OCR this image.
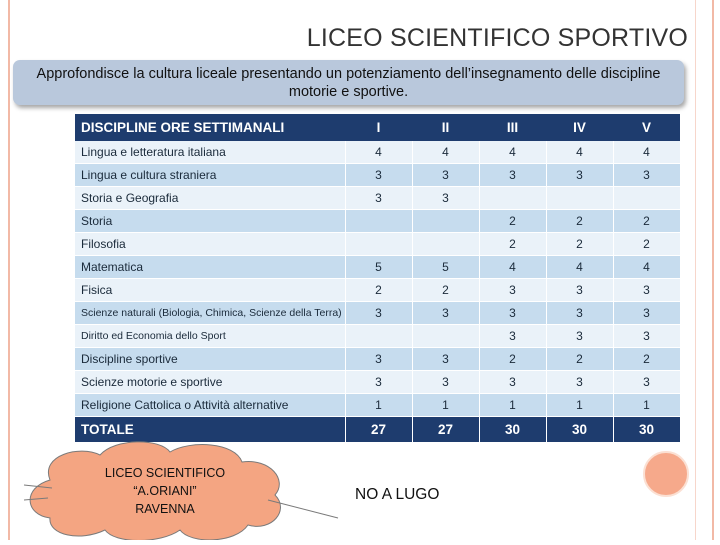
LICEO SCIENTIFICO SPORTIVO
Approfondisce la cultura liceale presentando un potenziamento dell’insegnamento delle discipline motorie e sportive.
DISCIPLINE ORE SETTIMANALI	I	II	III	IV	V
Lingua e letteratura italiana	4	4	4	4	4
Lingua e cultura straniera	3	3	3	3	3
Storia e Geografia	3	3			
Storia			2	2	2
Filosofia			2	2	2
Matematica	5	5	4	4	4
Fisica	2	2	3	3	3
Scienze naturali (Biologia, Chimica, Scienze della Terra)	3	3	3	3	3
Diritto ed Economia dello Sport			3	3	3
Discipline sportive	3	3	2	2	2
Scienze motorie e sportive	3	3	3	3	3
Religione Cattolica o Attività alternative	1	1	1	1	1
TOTALE	27	27	30	30	30
LICEO SCIENTIFICO
“A.ORIANI”
RAVENNA
NO A LUGO
